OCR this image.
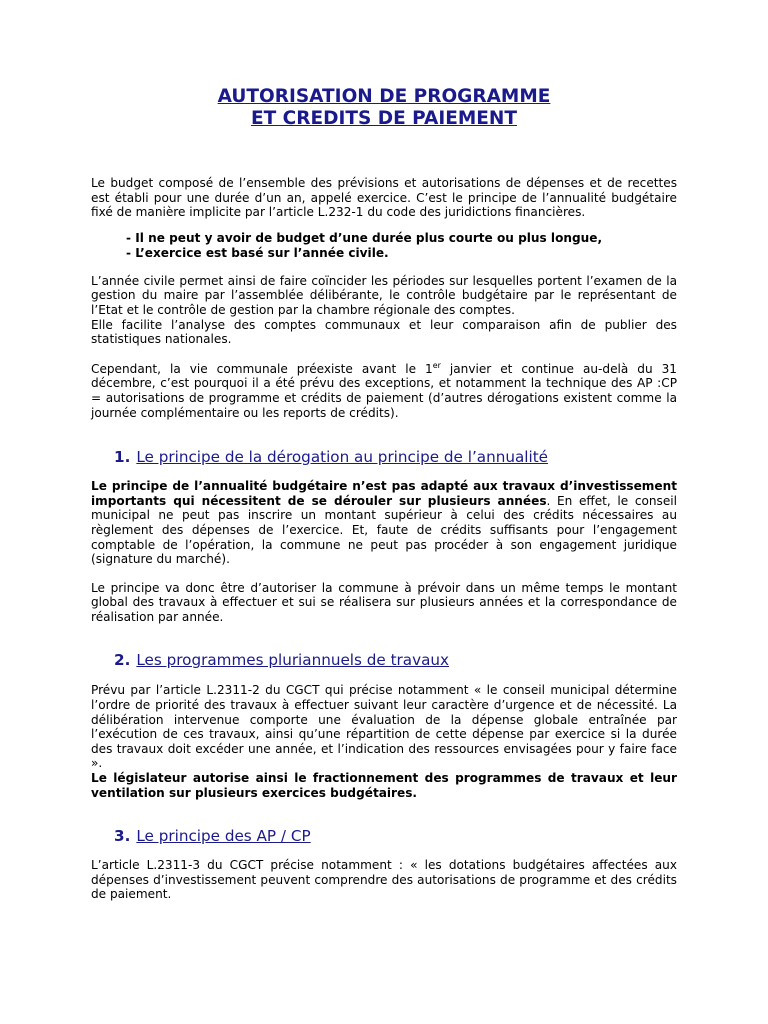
AUTORISATION DE PROGRAMME
ET CREDITS DE PAIEMENT

Le budget composé de l’ensemble des prévisions et autorisations de dépenses et de recettes est établi pour une durée d’un an, appelé exercice. C’est le principe de l’annualité budgétaire fixé de manière implicite par l’article L.232-1 du code des juridictions financières.

- Il ne peut y avoir de budget d’une durée plus courte ou plus longue,
- L’exercice est basé sur l’année civile.

L’année civile permet ainsi de faire coïncider les périodes sur lesquelles portent l’examen de la gestion du maire par l’assemblée délibérante, le contrôle budgétaire par le représentant de l’Etat et le contrôle de gestion par la chambre régionale des comptes.

Elle facilite l’analyse des comptes communaux et leur comparaison afin de publier des statistiques nationales.

Cependant, la vie communale préexiste avant le 1er janvier et continue au-delà du 31 décembre, c’est pourquoi il a été prévu des exceptions, et notamment la technique des AP :CP = autorisations de programme et crédits de paiement (d’autres dérogations existent comme la journée complémentaire ou les reports de crédits).

1. Le principe de la dérogation au principe de l’annualité

Le principe de l’annualité budgétaire n’est pas adapté aux travaux d’investissement importants qui nécessitent de se dérouler sur plusieurs années. En effet, le conseil municipal ne peut pas inscrire un montant supérieur à celui des crédits nécessaires au règlement des dépenses de l’exercice. Et, faute de crédits suffisants pour l’engagement comptable de l’opération, la commune ne peut pas procéder à son engagement juridique (signature du marché).

Le principe va donc être d’autoriser la commune à prévoir dans un même temps le montant global des travaux à effectuer et sui se réalisera sur plusieurs années et la correspondance de réalisation par année.

2. Les programmes pluriannuels de travaux

Prévu par l’article L.2311-2 du CGCT qui précise notamment « le conseil municipal détermine l’ordre de priorité des travaux à effectuer suivant leur caractère d’urgence et de nécessité. La délibération intervenue comporte une évaluation de la dépense globale entraînée par l’exécution de ces travaux, ainsi qu’une répartition de cette dépense par exercice si la durée des travaux doit excéder une année, et l’indication des ressources envisagées pour y faire face ».

Le législateur autorise ainsi le fractionnement des programmes de travaux et leur ventilation sur plusieurs exercices budgétaires.

3. Le principe des AP / CP

L’article L.2311-3 du CGCT précise notamment : « les dotations budgétaires affectées aux dépenses d’investissement peuvent comprendre des autorisations de programme et des crédits de paiement.
